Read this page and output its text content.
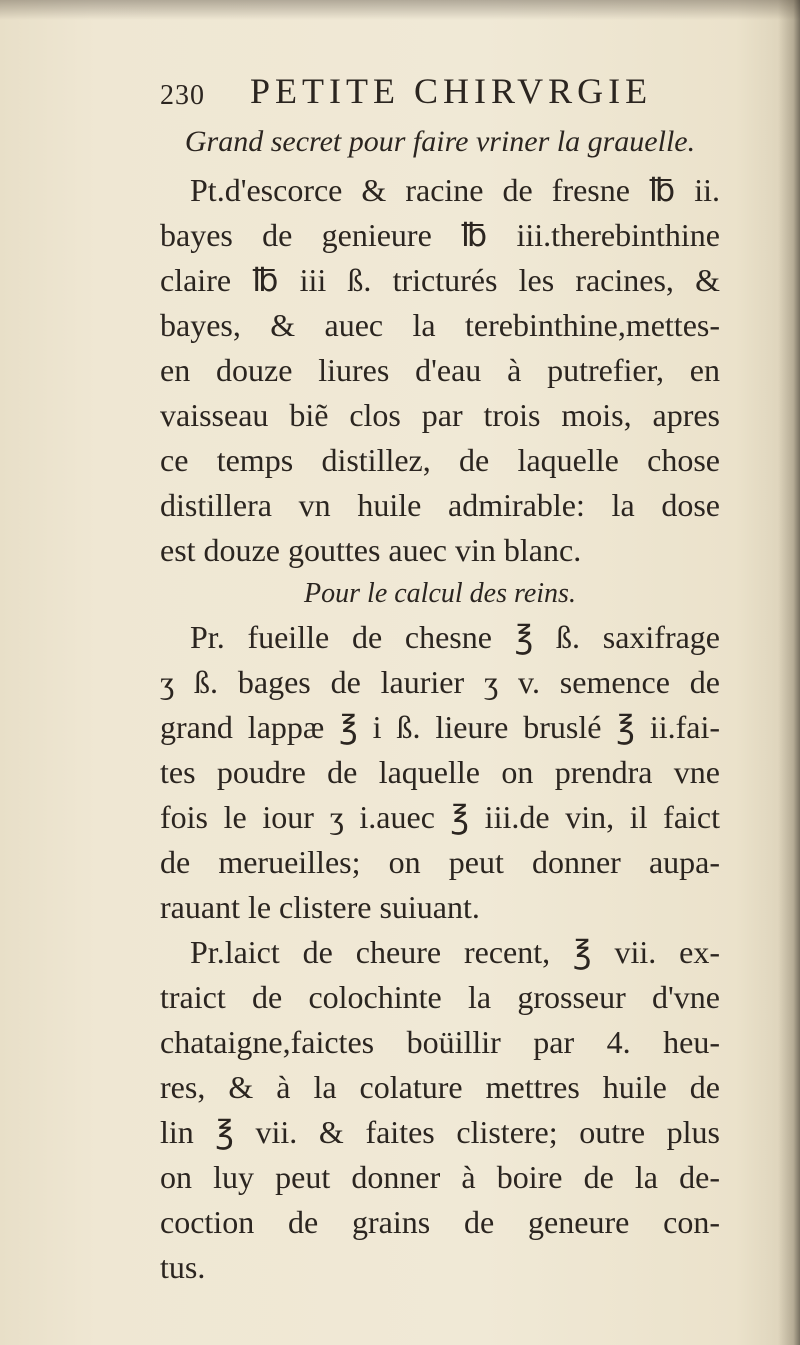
230 PETITE CHIRVRGIE
Grand secret pour faire vriner la grauelle.
Pt.d'escorce & racine de fresne ℔ ii.
bayes de genieure ℔ iii.therebinthine
claire ℔ iii ß. tricturés les racines, &
bayes, & auec la terebinthine,mettes-
en douze liures d'eau à putrefier, en
vaisseau biẽ clos par trois mois, apres
ce temps distillez, de laquelle chose
distillera vn huile admirable: la dose
est douze gouttes auec vin blanc.
Pour le calcul des reins.
Pr. fueille de chesne ℥ ß. saxifrage
ʒ ß. bages de laurier ʒ v. semence de
grand lappæ ℥ i ß. lieure bruslé ℥ ii.fai-
tes poudre de laquelle on prendra vne
fois le iour ʒ i.auec ℥ iii.de vin, il faict
de merueilles; on peut donner aupa-
rauant le clistere suiuant.
Pr.laict de cheure recent, ℥ vii. ex-
traict de colochinte la grosseur d'vne
chataigne,faictes boüillir par 4. heu-
res, & à la colature mettres huile de
lin ℥ vii. & faites clistere; outre plus
on luy peut donner à boire de la de-
coction de grains de geneure con-
tus.
